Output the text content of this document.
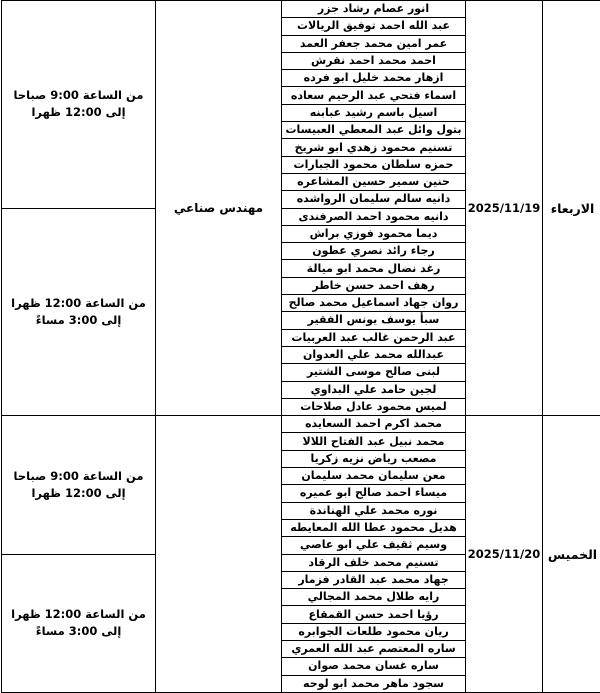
الاربعاء	2025/11/19	انور عصام رشاد جزر	مهندس صناعي	من الساعة 9:00 صباحا
إلى 12:00 ظهرا

		عبد الله احمد توفيق الريالات		
		عمر امين محمد جعفر العمد		
		احمد محمد احمد نقرش		
		ازهار محمد خليل ابو فرده		
		اسماء فتحي عبد الرحيم سعاده		
		اسيل باسم رشيد عبابنه		
		بتول وائل عبد المعطي العبيسات		
		تسنيم محمود زهدي ابو شريخ		
		حمزه سلطان محمود الجبارات		
		حنين سمير حسين المشاعره		
		دانيه سالم سليمان الرواشده		
		دانيه محمود احمد الصرفندى		من الساعة 12:00 ظهرا
إلى 3:00 مساءً

		ديما محمود فوزي براش		
		رجاء رائد نصري عطون		
		رغد نضال محمد ابو ميالة		
		رهف احمد حسن خاطر		
		روان جهاد اسماعيل محمد صالح		
		سبأ يوسف يونس الفقير		
		عبد الرحمن غالب عبد العربيات		
		عبدالله محمد علي العدوان		
		لبنى صالح موسى الشتير		
		لجين حامد علي البداوي		
		لميس محمود عادل صلاحات		
الخميس	2025/11/20	محمد اكرم احمد السعايده		من الساعة 9:00 صباحا
إلى 12:00 ظهرا

		محمد نبيل عبد الفتاح اللالا		
		مصعب رياض نزيه زكريا		
		معن سليمان محمد سليمان		
		ميساء احمد صالح ابو عميره		
		نوره محمد علي الهناندة		
		هديل محمود عطا الله المعايطه		
		وسيم ثقيف علي ابو عاصي		
		تسنيم محمد خلف الرقاد		من الساعة 12:00 ظهرا
إلى 3:00 مساءً

		جهاد محمد عبد القادر فزمار		
		رايه طلال محمد المجالي		
		رؤيا احمد حسن القمقاع		
		ريان محمود طلعات الجوابره		
		ساره المعتصم عبد الله العمري		
		ساره غسان محمد صوان		
		سجود ماهر محمد ابو لوحه		
